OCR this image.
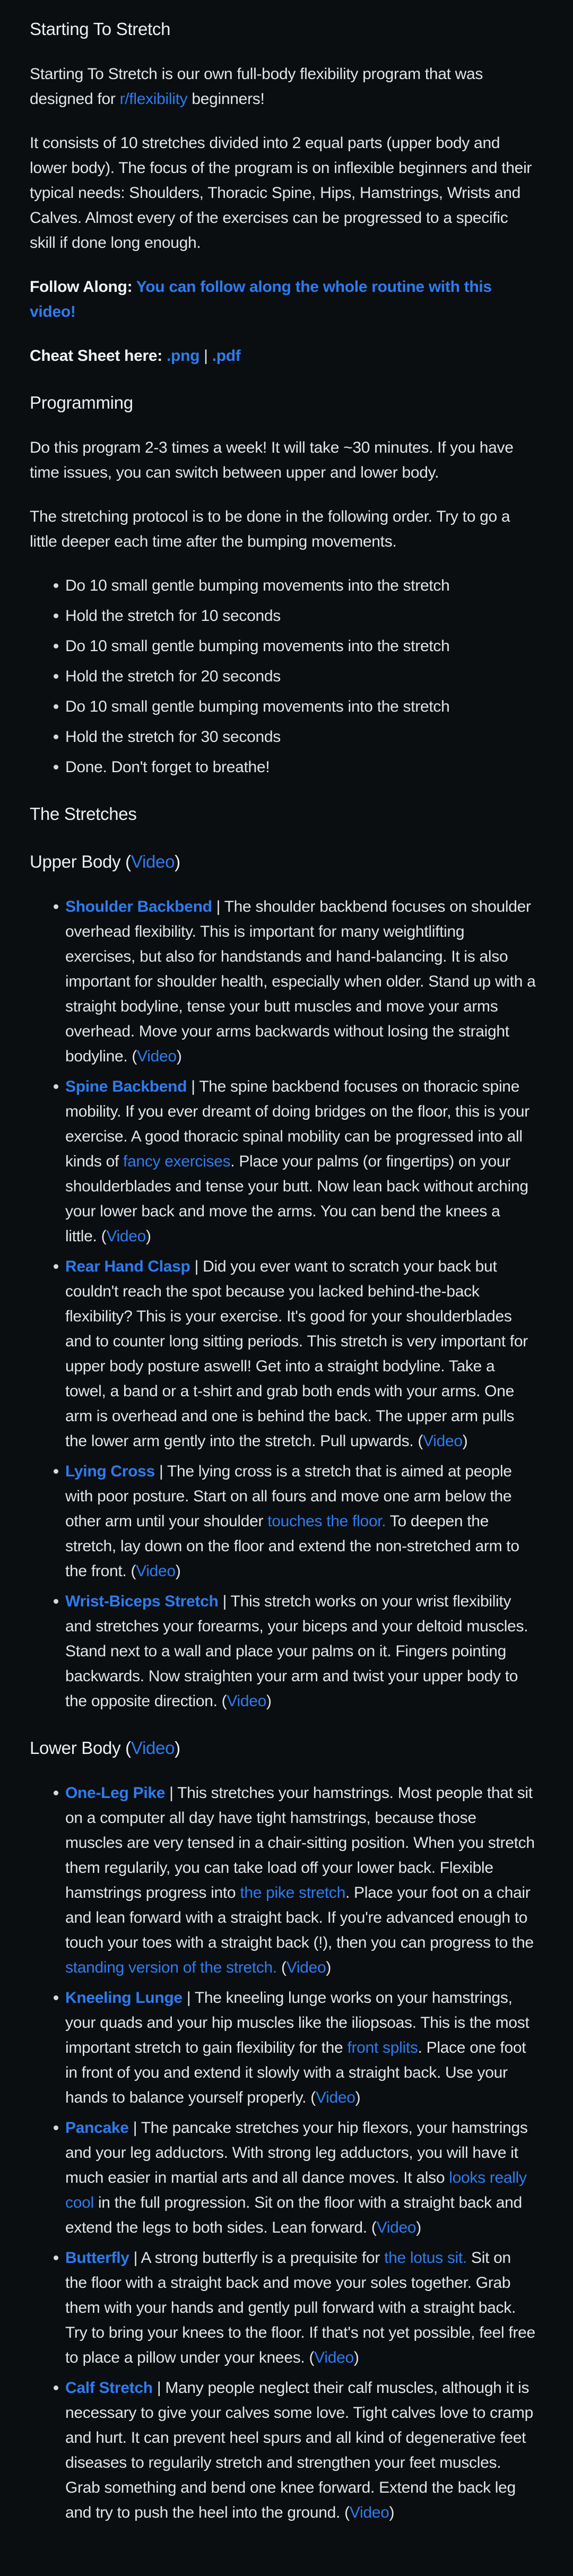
Starting To Stretch

Starting To Stretch is our own full-body flexibility program that was designed for r/flexibility beginners!

It consists of 10 stretches divided into 2 equal parts (upper body and lower body). The focus of the program is on inflexible beginners and their typical needs: Shoulders, Thoracic Spine, Hips, Hamstrings, Wrists and Calves. Almost every of the exercises can be progressed to a specific skill if done long enough.

Follow Along: You can follow along the whole routine with this video!

Cheat Sheet here: .png | .pdf

Programming

Do this program 2-3 times a week! It will take ~30 minutes. If you have time issues, you can switch between upper and lower body.

The stretching protocol is to be done in the following order. Try to go a little deeper each time after the bumping movements.

Do 10 small gentle bumping movements into the stretch
Hold the stretch for 10 seconds
Do 10 small gentle bumping movements into the stretch
Hold the stretch for 20 seconds
Do 10 small gentle bumping movements into the stretch
Hold the stretch for 30 seconds
Done. Don't forget to breathe!
The Stretches
Upper Body (Video)
Shoulder Backbend | The shoulder backbend focuses on shoulder overhead flexibility. This is important for many weightlifting exercises, but also for handstands and hand-balancing. It is also important for shoulder health, especially when older. Stand up with a straight bodyline, tense your butt muscles and move your arms overhead. Move your arms backwards without losing the straight bodyline. (Video)
Spine Backbend | The spine backbend focuses on thoracic spine mobility. If you ever dreamt of doing bridges on the floor, this is your exercise. A good thoracic spinal mobility can be progressed into all kinds of fancy exercises. Place your palms (or fingertips) on your shoulderblades and tense your butt. Now lean back without arching your lower back and move the arms. You can bend the knees a little. (Video)
Rear Hand Clasp | Did you ever want to scratch your back but couldn't reach the spot because you lacked behind-the-back flexibility? This is your exercise. It's good for your shoulderblades and to counter long sitting periods. This stretch is very important for upper body posture aswell! Get into a straight bodyline. Take a towel, a band or a t-shirt and grab both ends with your arms. One arm is overhead and one is behind the back. The upper arm pulls the lower arm gently into the stretch. Pull upwards. (Video)
Lying Cross | The lying cross is a stretch that is aimed at people with poor posture. Start on all fours and move one arm below the other arm until your shoulder touches the floor. To deepen the stretch, lay down on the floor and extend the non-stretched arm to the front. (Video)
Wrist-Biceps Stretch | This stretch works on your wrist flexibility and stretches your forearms, your biceps and your deltoid muscles. Stand next to a wall and place your palms on it. Fingers pointing backwards. Now straighten your arm and twist your upper body to the opposite direction. (Video)
Lower Body (Video)
One-Leg Pike | This stretches your hamstrings. Most people that sit on a computer all day have tight hamstrings, because those muscles are very tensed in a chair-sitting position. When you stretch them regularily, you can take load off your lower back. Flexible hamstrings progress into the pike stretch. Place your foot on a chair and lean forward with a straight back. If you're advanced enough to touch your toes with a straight back (!), then you can progress to the standing version of the stretch. (Video)
Kneeling Lunge | The kneeling lunge works on your hamstrings, your quads and your hip muscles like the iliopsoas. This is the most important stretch to gain flexibility for the front splits. Place one foot in front of you and extend it slowly with a straight back. Use your hands to balance yourself properly. (Video)
Pancake | The pancake stretches your hip flexors, your hamstrings and your leg adductors. With strong leg adductors, you will have it much easier in martial arts and all dance moves. It also looks really cool in the full progression. Sit on the floor with a straight back and extend the legs to both sides. Lean forward. (Video)
Butterfly | A strong butterfly is a prequisite for the lotus sit. Sit on the floor with a straight back and move your soles together. Grab them with your hands and gently pull forward with a straight back. Try to bring your knees to the floor. If that's not yet possible, feel free to place a pillow under your knees. (Video)
Calf Stretch | Many people neglect their calf muscles, although it is necessary to give your calves some love. Tight calves love to cramp and hurt. It can prevent heel spurs and all kind of degenerative feet diseases to regularily stretch and strengthen your feet muscles. Grab something and bend one knee forward. Extend the back leg and try to push the heel into the ground. (Video)
